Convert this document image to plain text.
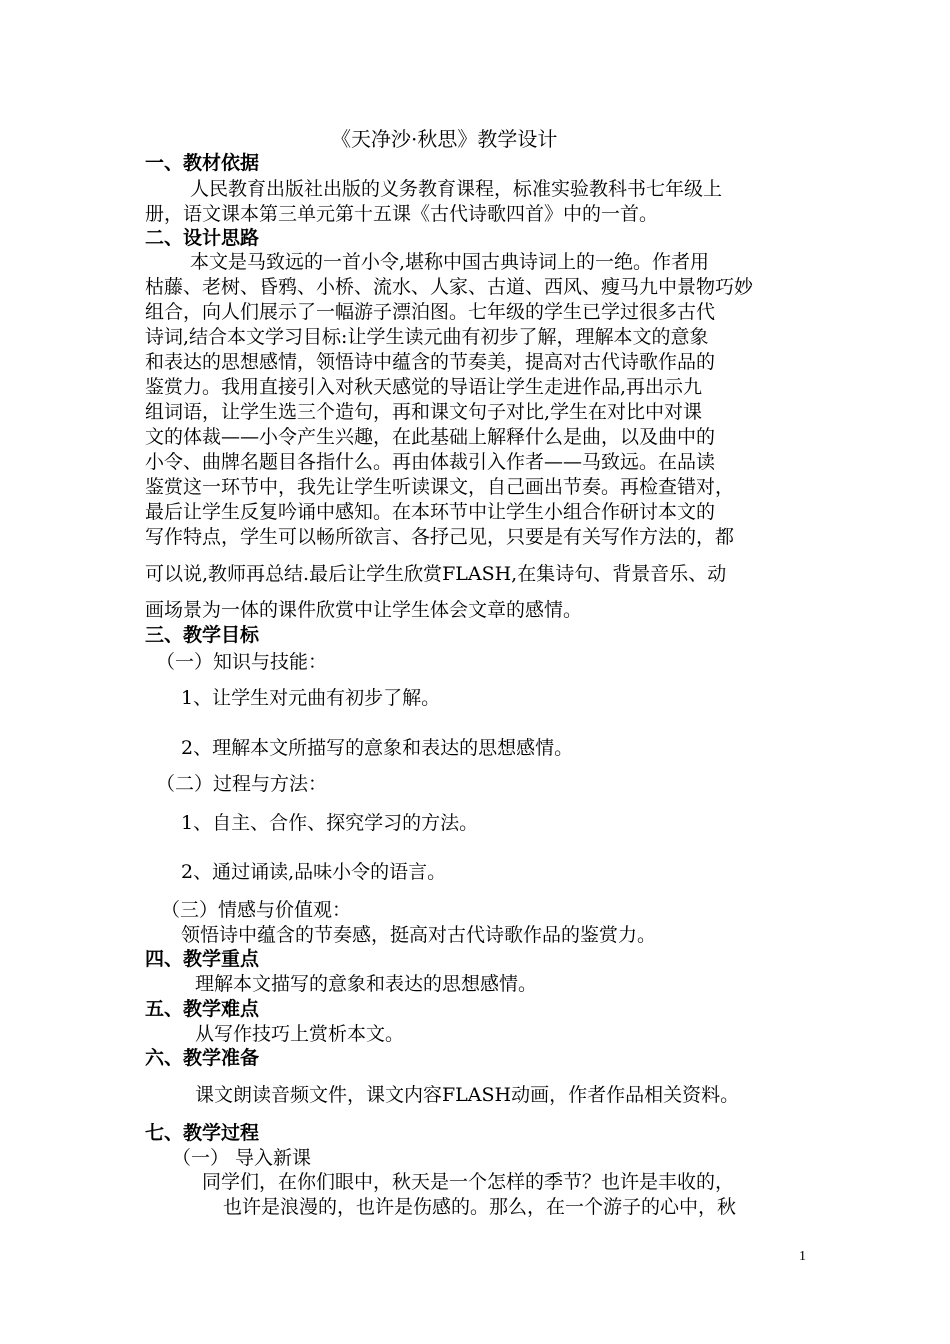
《天净沙·秋思》教学设计
一、教材依据
人民教育出版社出版的义务教育课程，标准实验教科书七年级上
册，语文课本第三单元第十五课《古代诗歌四首》中的一首。
二、设计思路
本文是马致远的一首小令,堪称中国古典诗词上的一绝。作者用
枯藤、老树、昏鸦、小桥、流水、人家、古道、西风、瘦马九中景物巧妙
组合，向人们展示了一幅游子漂泊图。七年级的学生已学过很多古代
诗词,结合本文学习目标:让学生读元曲有初步了解，理解本文的意象
和表达的思想感情，领悟诗中蕴含的节奏美，提高对古代诗歌作品的
鉴赏力。我用直接引入对秋天感觉的导语让学生走进作品,再出示九
组词语，让学生选三个造句，再和课文句子对比,学生在对比中对课
文的体裁——小令产生兴趣，在此基础上解释什么是曲，以及曲中的
小令、曲牌名题目各指什么。再由体裁引入作者——马致远。在品读
鉴赏这一环节中，我先让学生听读课文，自己画出节奏。再检查错对，
最后让学生反复吟诵中感知。在本环节中让学生小组合作研讨本文的
写作特点，学生可以畅所欲言、各抒己见，只要是有关写作方法的，都
可以说,教师再总结.最后让学生欣赏FLASH,在集诗句、背景音乐、动
画场景为一体的课件欣赏中让学生体会文章的感情。
三、教学目标
（一）知识与技能：
1、让学生对元曲有初步了解。
2、理解本文所描写的意象和表达的思想感情。
（二）过程与方法：
1、自主、合作、探究学习的方法。
2、通过诵读,品味小令的语言。
（三）情感与价值观：
领悟诗中蕴含的节奏感，挺高对古代诗歌作品的鉴赏力。
四、教学重点
理解本文描写的意象和表达的思想感情。
五、教学难点
从写作技巧上赏析本文。
六、教学准备
课文朗读音频文件，课文内容FLASH动画，作者作品相关资料。
七、教学过程
（一） 导入新课
同学们，在你们眼中，秋天是一个怎样的季节？也许是丰收的，
也许是浪漫的，也许是伤感的。那么，在一个游子的心中，秋
1
